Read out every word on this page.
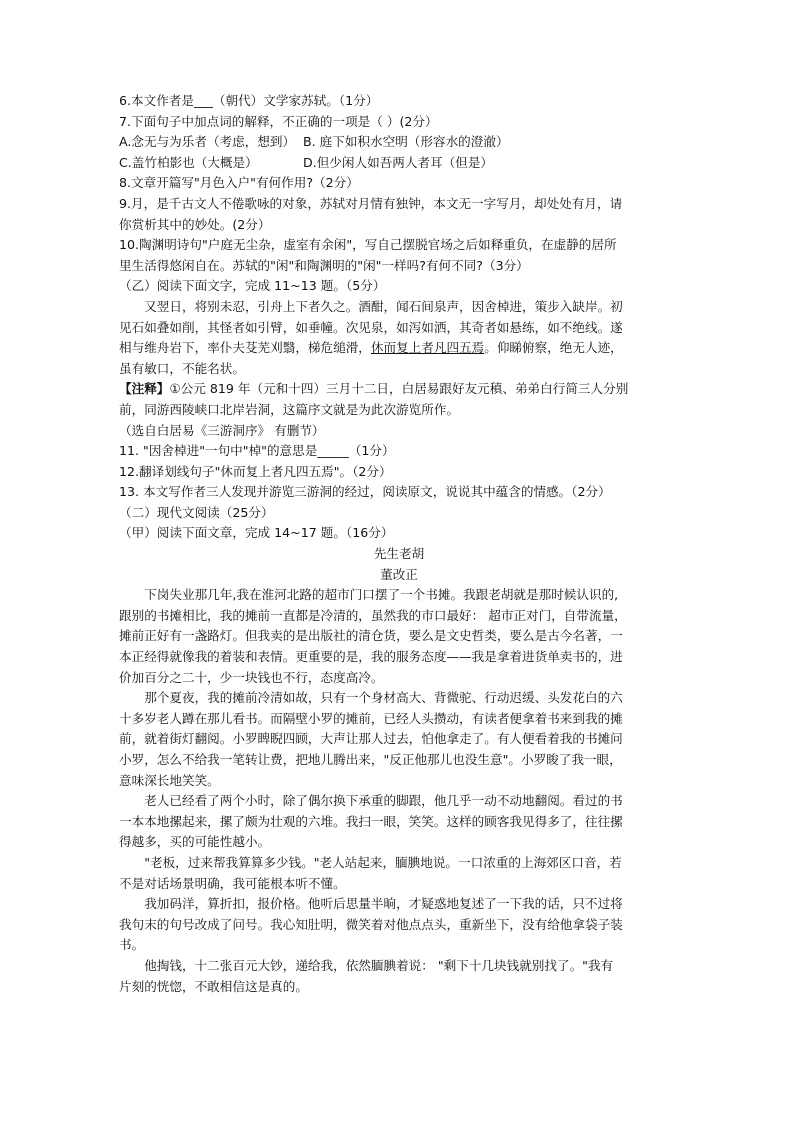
6.本文作者是___（朝代）文学家苏轼。（1分）
7.下面句子中加点词的解释，不正确的一项是（ ）(2分）
A.念无与为乐者（考虑，想到） B. 庭下如积水空明（形容水的澄澈）
C.盖竹柏影也（大概是）	D.但少闲人如吾两人者耳（但是）
8.文章开篇写"月色入户"有何作用?（2分）
9.月，是千古文人不倦歌咏的对象，苏轼对月情有独钟，本文无一字写月，却处处有月，请
你赏析其中的妙处。(2分）
10.陶渊明诗句"户庭无尘杂，虚室有余闲"，写自己摆脱官场之后如释重负，在虚静的居所
里生活得悠闲自在。苏轼的"闲"和陶渊明的"闲"一样吗?有何不同?（3分）
（乙）阅读下面文字，完成 11~13 题。（5分）
又翌日，将别未忍，引舟上下者久之。酒酣，闻石间泉声，因舍棹进，策步入缺岸。初
见石如叠如削，其怪者如引臂，如垂幢。次见泉，如泻如洒，其奇者如悬练，如不绝线。遂
相与维舟岩下，率仆夫芟芜刈翳，梯危缒滑，休而复上者凡四五焉。仰睇俯察，绝无人迹，
虽有敏口，不能名状。
【注释】①公元 819 年（元和十四）三月十二日，白居易跟好友元稹、弟弟白行简三人分别
前，同游西陵峡口北岸岩洞，这篇序文就是为此次游览所作。
（选自白居易《三游洞序》 有删节）
11. "因舍棹进"一句中"棹"的意思是_____（1分）
12.翻译划线句子"休而复上者凡四五焉"。（2分）
13. 本文写作者三人发现并游览三游洞的经过，阅读原文，说说其中蕴含的情感。（2分）
（二）现代文阅读（25分）
（甲）阅读下面文章，完成 14~17 题。（16分）
先生老胡
董改正
下岗失业那几年,我在淮河北路的超市门口摆了一个书摊。我跟老胡就是那时候认识的,
跟别的书摊相比，我的摊前一直都是冷清的，虽然我的市口最好： 超市正对门，自带流量，
摊前正好有一盏路灯。但我卖的是出版社的清仓货，要么是文史哲类，要么是古今名著，一
本正经得就像我的着装和表情。更重要的是，我的服务态度——我是拿着进货单卖书的，进
价加百分之二十，少一块钱也不行，态度高冷。
那个夏夜，我的摊前冷清如故，只有一个身材高大、背微驼、行动迟缓、头发花白的六
十多岁老人蹲在那儿看书。而隔壁小罗的摊前，已经人头攒动，有读者便拿着书来到我的摊
前，就着街灯翻阅。小罗睥睨四顾，大声让那人过去，怕他拿走了。有人便看着我的书摊问
小罗，怎么不给我一笔转让费，把地儿腾出来，"反正他那儿也没生意"。小罗睃了我一眼，
意味深长地笑笑。
老人已经看了两个小时，除了偶尔换下承重的脚跟，他几乎一动不动地翻阅。看过的书
一本本地摞起来，摞了颇为壮观的六堆。我扫一眼，笑笑。这样的顾客我见得多了，往往摞
得越多，买的可能性越小。
"老板，过来帮我算算多少钱。"老人站起来，腼腆地说。一口浓重的上海郊区口音，若
不是对话场景明确，我可能根本听不懂。
我加码洋，算折扣，报价格。他听后思量半晌，才疑惑地复述了一下我的话，只不过将
我句末的句号改成了问号。我心知肚明，微笑着对他点点头，重新坐下，没有给他拿袋子装
书。
他掏钱，十二张百元大钞，递给我，依然腼腆着说： "剩下十几块钱就别找了。"我有
片刻的恍惚，不敢相信这是真的。
